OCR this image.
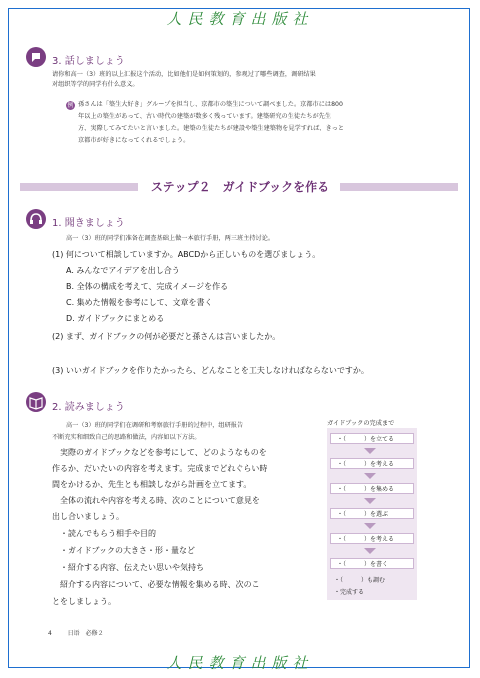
人民教育出版社
3. 話しましょう
请你和高一（3）班的以上汇报这个活动，比如他们是如何策划的，参观过了哪些调查，调研结果
对组织等学的同学有什么意义。
例 孫さんは「築生大好き」グループを担当し、京都市の築生について調べました。京都市には800
年以上の築生があって、古い時代の建築が数多く残っています。建築研究の生徒たちが先生
方、実際してみてたいと言いました。建築の生徒たちが建設や築生建築物を見学すれば、きっと
京都市が好きになってくれるでしょう。
ステップ２　ガイドブックを作る
1. 聞きましょう
高一（3）班的同学们准备在调查基础上做一本旅行手册，两三班主持讨论。
(1) 何について相談していますか。ABCDから正しいものを選びましょう。
A. みんなでアイデアを出し合う
B. 全体の構成を考えて、完成イメージを作る
C. 集めた情報を参考にして、文章を書く
D. ガイドブックにまとめる
(2) まず、ガイドブックの何が必要だと孫さんは言いましたか。
(3) いいガイドブックを作りたかったら、どんなことを工夫しなければならないですか。
2. 読みましょう
高一（3）班的同学们在调研和考察旅行手册的过程中，组研报告
不断充实和细致自己的思路和做法，内容如以下方法。
実際のガイドブックなどを参考にして、どのようなものを
作るか、だいたいの内容を考えます。完成までどれぐらい時
間をかけるか、先生とも相談しながら計画を立てます。
全体の流れや内容を考える時、次のことについて意見を
出し合いましょう。
・読んでもらう相手や目的
・ガイドブックの大きさ・形・量など
・紹介する内容、伝えたい思いや気持ち
紹介する内容について、必要な情報を集める時、次のこ
とをしましょう。
ガイドブックの完成まで
・（　　　）を立てる
・（　　　）を考える
・（　　　）を集める
・（　　　）を選ぶ
・（　　　）を考える
・（　　　）を書く
・（　　　）も調む
・完成する
4	日语　必修２
人民教育出版社
